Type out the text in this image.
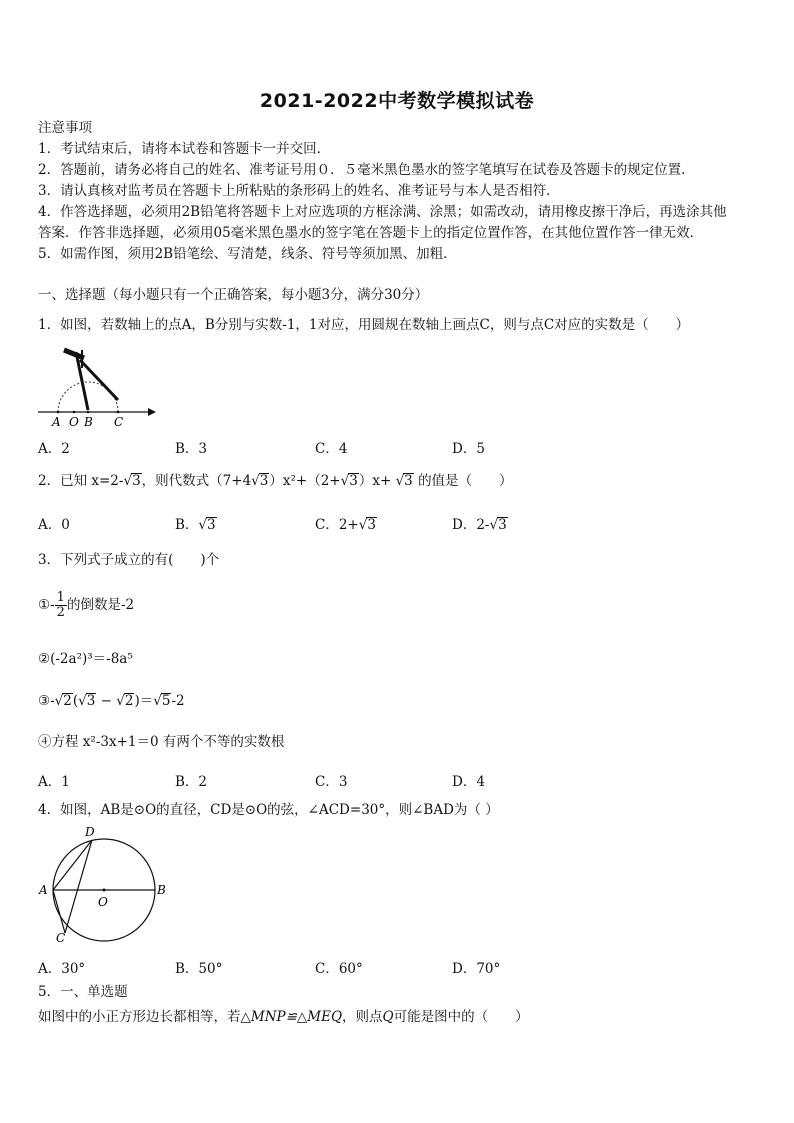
2021-2022中考数学模拟试卷
注意事项
1．考试结束后，请将本试卷和答题卡一并交回．
2．答题前，请务必将自己的姓名、准考证号用０．５毫米黑色墨水的签字笔填写在试卷及答题卡的规定位置．
3．请认真核对监考员在答题卡上所粘贴的条形码上的姓名、准考证号与本人是否相符．
4．作答选择题，必须用2B铅笔将答题卡上对应选项的方框涂满、涂黑；如需改动，请用橡皮擦干净后，再选涂其他
答案．作答非选择题，必须用05毫米黑色墨水的签字笔在答题卡上的指定位置作答，在其他位置作答一律无效．
5．如需作图，须用2B铅笔绘、写清楚，线条、符号等须加黑、加粗．
一、选择题（每小题只有一个正确答案，每小题3分，满分30分）
1．如图，若数轴上的点A，B分别与实数-1，1对应，用圆规在数轴上画点C，则与点C对应的实数是（　　）
A O B C
A．2	B．3	C．4	D．5
2．已知 x=2-√3，则代数式（7+4√3）x²+（2+√3）x+ √3 的值是（　　）
A．0	B．√3	C．2+√3	D．2-√3
3．下列式子成立的有(　　)个
①- $\frac{1}{2}$ 的倒数是-2
②(-2a²)³＝-8a⁵
③-√2(√3 − √2)＝√5-2
④方程 x²-3x+1＝0 有两个不等的实数根
A．1	B．2	C．3	D．4
4．如图，AB是⊙O的直径，CD是⊙O的弦，∠ACD=30°，则∠BAD为（ ）
D
A
O
B
C
A．30°	B．50°	C．60°	D．70°
5．一、单选题
如图中的小正方形边长都相等，若△MNP≌△MEQ，则点Q可能是图中的（　　）
